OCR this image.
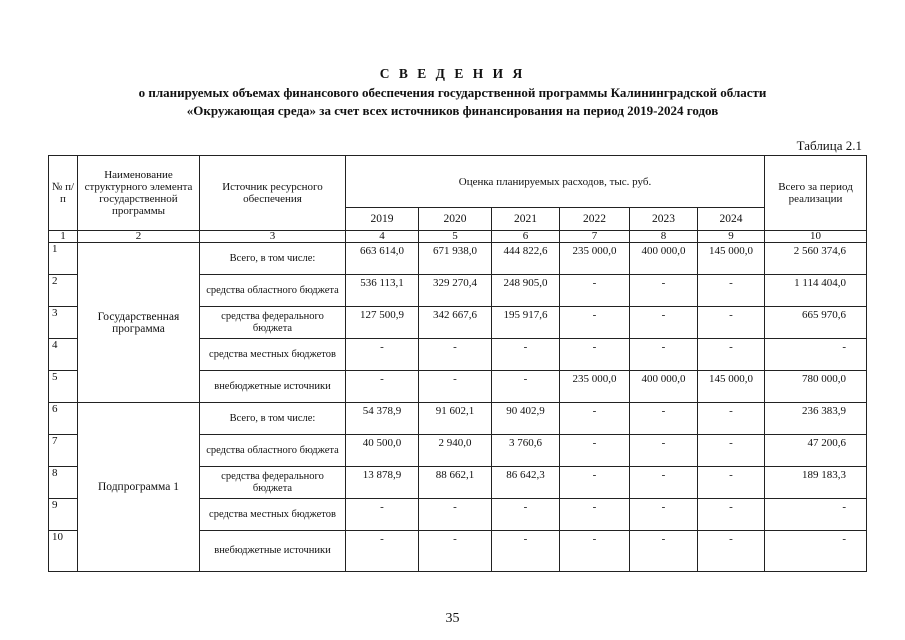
С В Е Д Е Н И Я

о планируемых объемах финансового обеспечения государственной программы Калининградской области

«Окружающая среда» за счет всех источников финансирования на период 2019-2024 годов

Таблица 2.1
№ п/п	Наименование структурного элемента государственной программы	Источник ресурсного обеспечения	Оценка планируемых расходов, тыс. руб.						Всего за период реализации
			2019	2020	2021	2022	2023	2024	
1	2	3	4	5	6	7	8	9	10
1	Государственная программа	Всего, в том числе:	663 614,0	671 938,0	444 822,6	235 000,0	400 000,0	145 000,0	2 560 374,6
2		средства областного бюджета	536 113,1	329 270,4	248 905,0	-	-	-	1 114 404,0
3		средства федерального бюджета	127 500,9	342 667,6	195 917,6	-	-	-	665 970,6
4		средства местных бюджетов	-	-	-	-	-	-	-
5		внебюджетные источники	-	-	-	235 000,0	400 000,0	145 000,0	780 000,0
6	Подпрограмма 1	Всего, в том числе:	54 378,9	91 602,1	90 402,9	-	-	-	236 383,9
7		средства областного бюджета	40 500,0	2 940,0	3 760,6	-	-	-	47 200,6
8		средства федерального бюджета	13 878,9	88 662,1	86 642,3	-	-	-	189 183,3
9		средства местных бюджетов	-	-	-	-	-	-	-
10		внебюджетные источники	-	-	-	-	-	-	-
35
